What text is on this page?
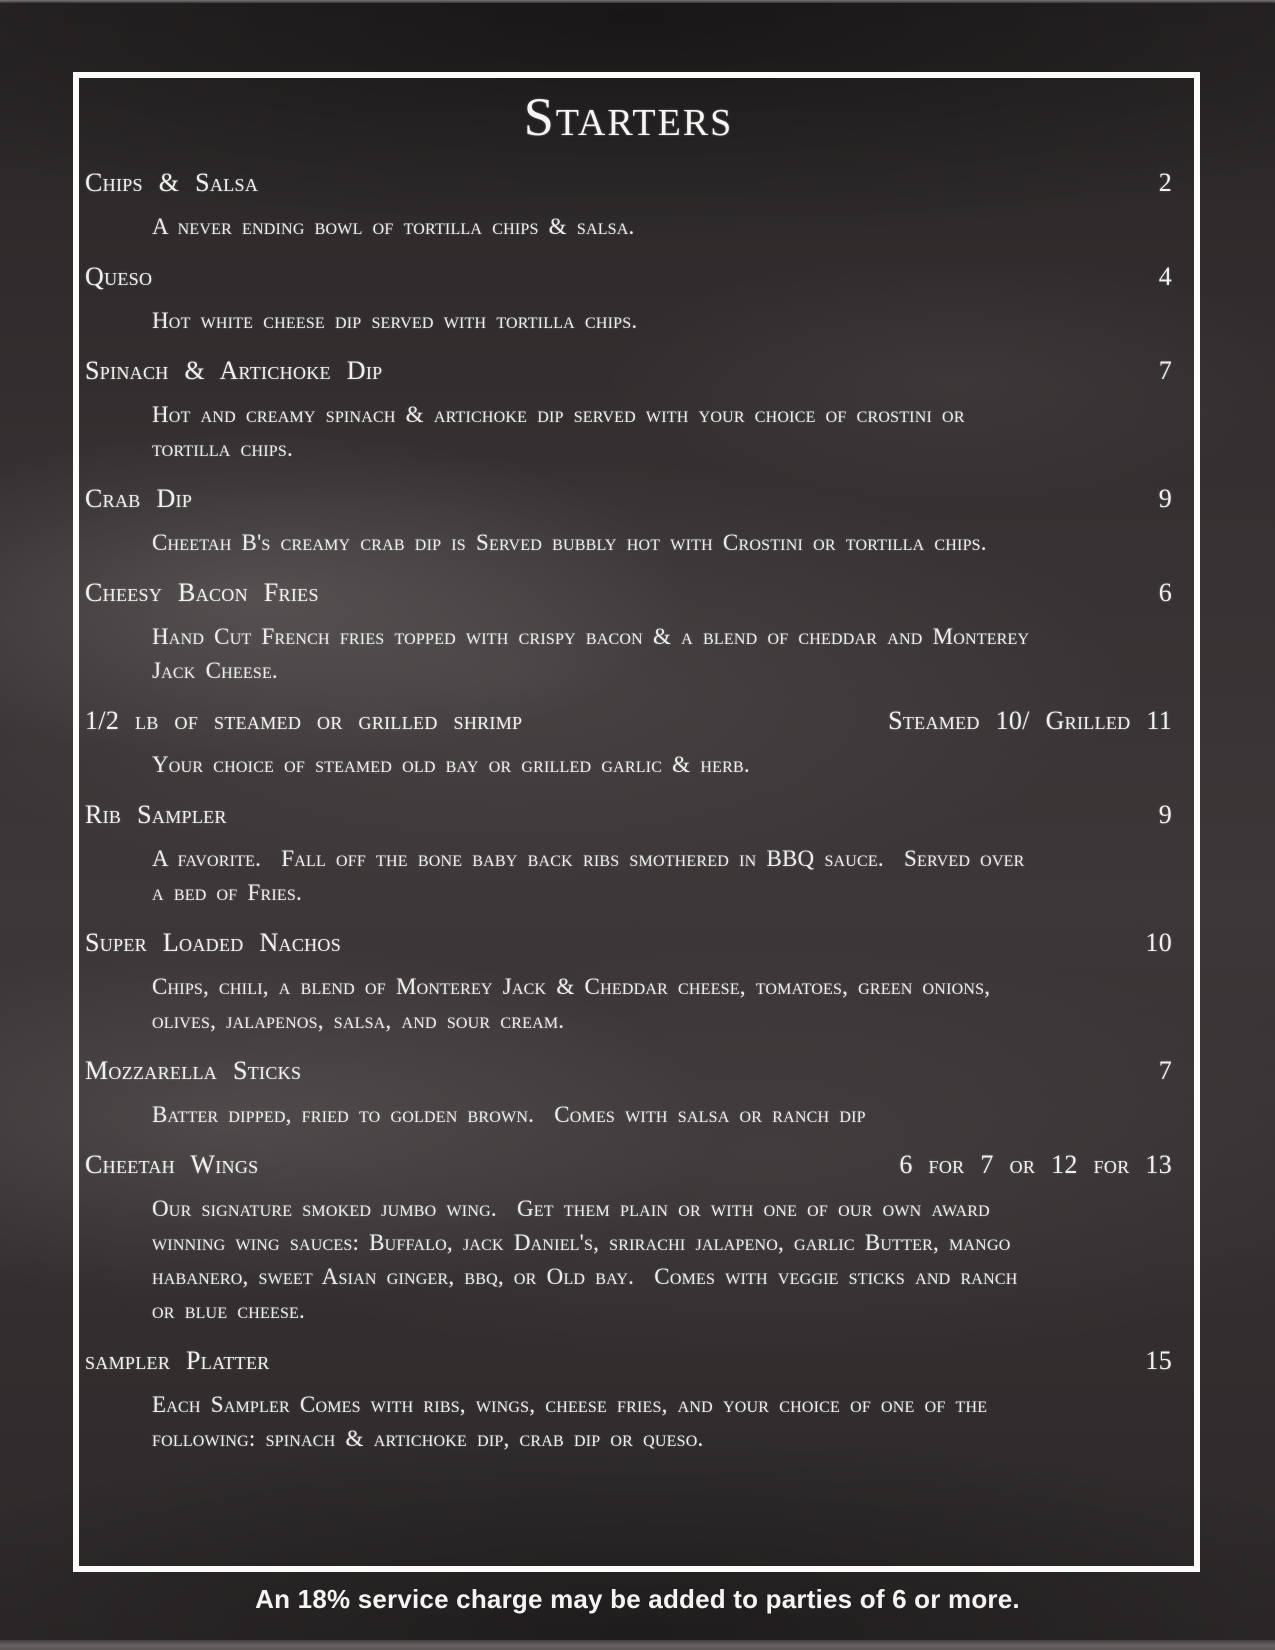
Starters
Chips & Salsa	2
A never ending bowl of tortilla chips & salsa.
Queso	4
Hot white cheese dip served with tortilla chips.
Spinach & Artichoke Dip	7
Hot and creamy spinach & artichoke dip served with your choice of crostini or
tortilla chips.
Crab Dip	9
Cheetah B's creamy crab dip is Served bubbly hot with Crostini or tortilla chips.
Cheesy Bacon Fries	6
Hand Cut French fries topped with crispy bacon & a blend of cheddar and Monterey
Jack Cheese.
1/2 lb of steamed or grilled shrimp	Steamed 10/ Grilled 11
Your choice of steamed old bay or grilled garlic & herb.
Rib Sampler	9
A favorite.  Fall off the bone baby back ribs smothered in BBQ sauce.  Served over
a bed of Fries.
Super Loaded Nachos	10
Chips, chili, a blend of Monterey Jack & Cheddar cheese, tomatoes, green onions,
olives, jalapenos, salsa, and sour cream.
Mozzarella Sticks	7
Batter dipped, fried to golden brown.  Comes with salsa or ranch dip
Cheetah Wings	6 for 7 or 12 for 13
Our signature smoked jumbo wing.  Get them plain or with one of our own award
winning wing sauces: Buffalo, jack Daniel's, srirachi jalapeno, garlic Butter, mango
habanero, sweet Asian ginger, bbq, or Old bay.  Comes with veggie sticks and ranch
or blue cheese.
sampler Platter	15
Each Sampler Comes with ribs, wings, cheese fries, and your choice of one of the
following: spinach & artichoke dip, crab dip or queso.
An 18% service charge may be added to parties of 6 or more.
